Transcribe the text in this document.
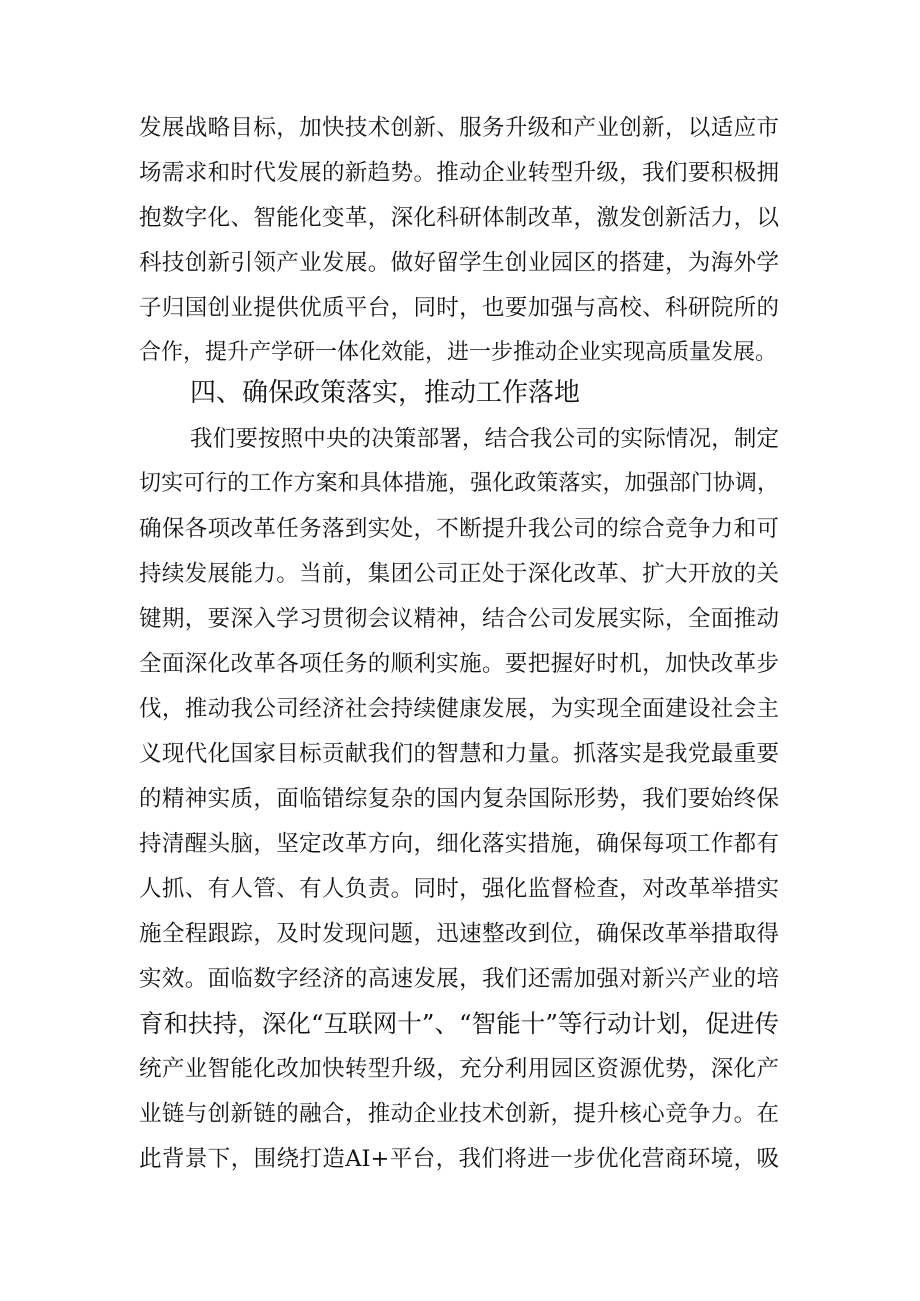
发展战略目标，加快技术创新、服务升级和产业创新，以适应市
场需求和时代发展的新趋势。推动企业转型升级，我们要积极拥
抱数字化、智能化变革，深化科研体制改革，激发创新活力，以
科技创新引领产业发展。做好留学生创业园区的搭建，为海外学
子归国创业提供优质平台，同时，也要加强与高校、科研院所的
合作，提升产学研一体化效能，进一步推动企业实现高质量发展。
四、确保政策落实，推动工作落地
我们要按照中央的决策部署，结合我公司的实际情况，制定
切实可行的工作方案和具体措施，强化政策落实，加强部门协调，
确保各项改革任务落到实处，不断提升我公司的综合竞争力和可
持续发展能力。当前，集团公司正处于深化改革、扩大开放的关
键期，要深入学习贯彻会议精神，结合公司发展实际，全面推动
全面深化改革各项任务的顺利实施。要把握好时机，加快改革步
伐，推动我公司经济社会持续健康发展，为实现全面建设社会主
义现代化国家目标贡献我们的智慧和力量。抓落实是我党最重要
的精神实质，面临错综复杂的国内复杂国际形势，我们要始终保
持清醒头脑，坚定改革方向，细化落实措施，确保每项工作都有
人抓、有人管、有人负责。同时，强化监督检查，对改革举措实
施全程跟踪，及时发现问题，迅速整改到位，确保改革举措取得
实效。面临数字经济的高速发展，我们还需加强对新兴产业的培
育和扶持，深化“互联网十”、“智能十”等行动计划，促进传
统产业智能化改加快转型升级，充分利用园区资源优势，深化产
业链与创新链的融合，推动企业技术创新，提升核心竞争力。在
此背景下，围绕打造AI+平台，我们将进一步优化营商环境，吸
